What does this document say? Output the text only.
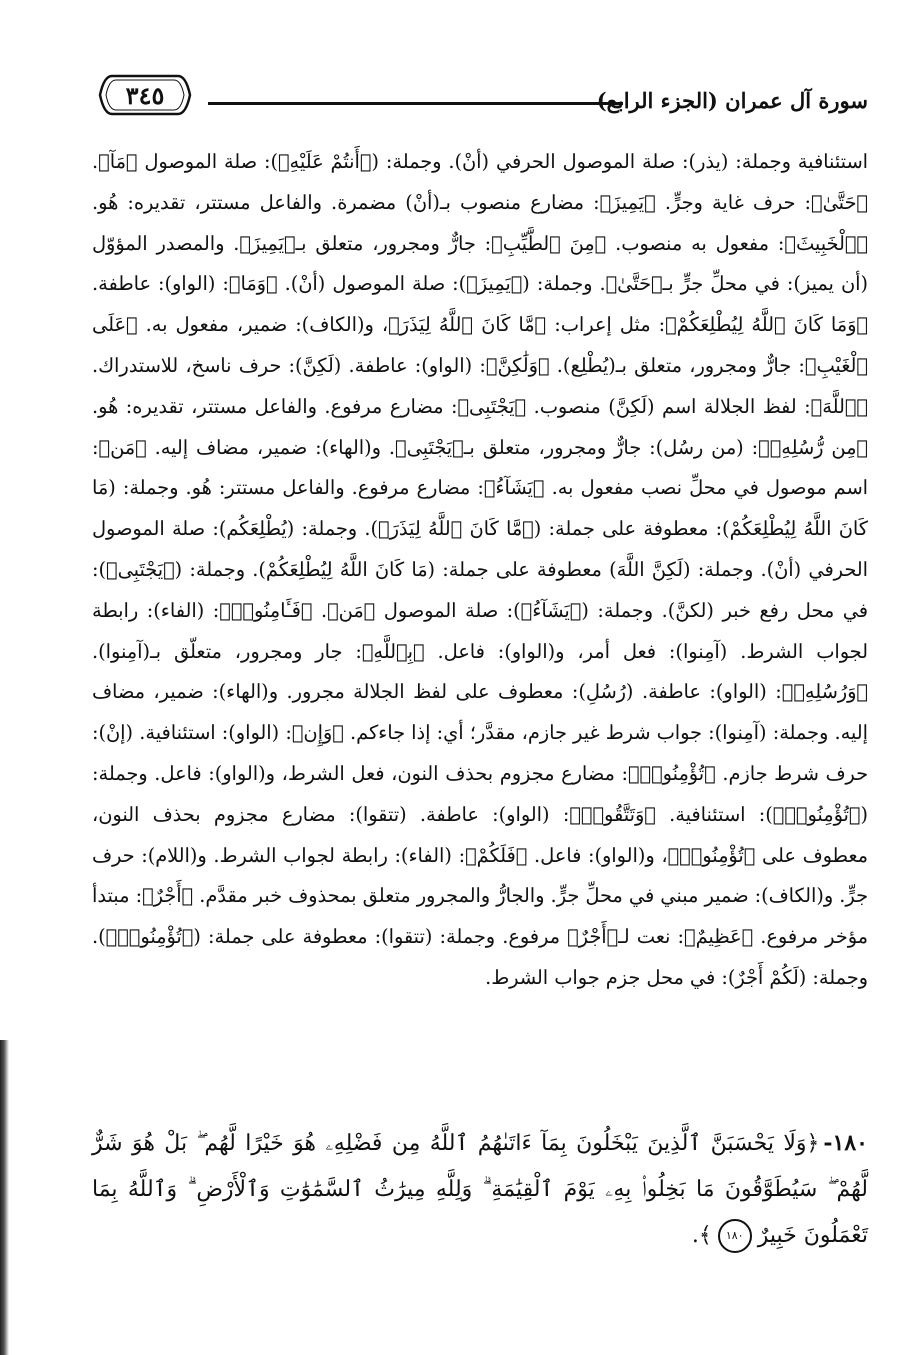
سورة آل عمران (الجزء الرابع)
٣٤٥

استئنافية وجملة: (يذر): صلة الموصول الحرفي (أنْ). وجملة: (﴿أَنتُمْ عَلَيْهِ﴾): صلة الموصول ﴿مَآ﴾. ﴿حَتَّىٰ﴾: حرف غاية وجرٍّ. ﴿يَمِيزَ﴾: مضارع منصوب بـ(أنْ) مضمرة. والفاعل مستتر، تقديره: هُو. ﴿ٱلْخَبِيثَ﴾: مفعول به منصوب. ﴿مِنَ ٱلطَّيِّبِ﴾: جارٌّ ومجرور، متعلق بـ﴿يَمِيزَ﴾. والمصدر المؤوّل (أن يميز): في محلِّ جرٍّ بـ﴿حَتَّىٰ﴾. وجملة: (﴿يَمِيزَ﴾): صلة الموصول (أنْ). ﴿وَمَا﴾: (الواو): عاطفة. ﴿وَمَا كَانَ ٱللَّهُ لِيُطْلِعَكُمْ﴾: مثل إعراب: ﴿مَّا كَانَ ٱللَّهُ لِيَذَرَ﴾، و(الكاف): ضمير، مفعول به. ﴿عَلَى ٱلْغَيْبِ﴾: جارٌّ ومجرور، متعلق بـ(يُطْلِع). ﴿وَلَٰكِنَّ﴾: (الواو): عاطفة. (لَكِنَّ): حرف ناسخ، للاستدراك. ﴿ٱللَّهَ﴾: لفظ الجلالة اسم (لَكِنَّ) منصوب. ﴿يَجْتَبِى﴾: مضارع مرفوع. والفاعل مستتر، تقديره: هُو. ﴿مِن رُّسُلِهِۦ﴾: (من رسُل): جارٌّ ومجرور، متعلق بـ﴿يَجْتَبِى﴾. و(الهاء): ضمير، مضاف إليه. ﴿مَن﴾: اسم موصول في محلِّ نصب مفعول به. ﴿يَشَآءُ﴾: مضارع مرفوع. والفاعل مستتر: هُو. وجملة: (مَا كَانَ اللَّهُ لِيُطْلِعَكُمْ): معطوفة على جملة: (﴿مَّا كَانَ ٱللَّهُ لِيَذَرَ﴾). وجملة: (يُطْلِعَكُم): صلة الموصول الحرفي (أنْ). وجملة: (لَكِنَّ اللَّهَ) معطوفة على جملة: (مَا كَانَ اللَّهُ لِيُطْلِعَكُمْ). وجملة: (﴿يَجْتَبِى﴾): في محل رفع خبر (لكنَّ). وجملة: (﴿يَشَآءُ﴾): صلة الموصول ﴿مَن﴾. ﴿فَـَٔامِنُوا۟﴾: (الفاء): رابطة لجواب الشرط. (آمِنوا): فعل أمر، و(الواو): فاعل. ﴿بِٱللَّهِ﴾: جار ومجرور، متعلّق بـ(آمِنوا). ﴿وَرُسُلِهِۦ﴾: (الواو): عاطفة. (رُسُلِ): معطوف على لفظ الجلالة مجرور. و(الهاء): ضمير، مضاف إليه. وجملة: (آمِنوا): جواب شرط غير جازم، مقدَّر؛ أي: إذا جاءكم. ﴿وَإِن﴾: (الواو): استئنافية. (إنْ): حرف شرط جازم. ﴿تُؤْمِنُوا۟﴾: مضارع مجزوم بحذف النون، فعل الشرط، و(الواو): فاعل. وجملة: (﴿تُؤْمِنُوا۟﴾): استئنافية. ﴿وَتَتَّقُوا۟﴾: (الواو): عاطفة. (تتقوا): مضارع مجزوم بحذف النون، معطوف على ﴿تُؤْمِنُوا۟﴾، و(الواو): فاعل. ﴿فَلَكُمْ﴾: (الفاء): رابطة لجواب الشرط. و(اللام): حرف جرٍّ. و(الكاف): ضمير مبني في محلِّ جرٍّ. والجارُّ والمجرور متعلق بمحذوف خبر مقدَّم. ﴿أَجْرٌ﴾: مبتدأ مؤخر مرفوع. ﴿عَظِيمٌ﴾: نعت لـ﴿أَجْرٌ﴾ مرفوع. وجملة: (تتقوا): معطوفة على جملة: (﴿تُؤْمِنُوا۟﴾). وجملة: (لَكُمْ أَجْرٌ): في محل جزم جواب الشرط.

١٨٠-﴿وَلَا يَحْسَبَنَّ ٱلَّذِينَ يَبْخَلُونَ بِمَآ ءَاتَىٰهُمُ ٱللَّهُ مِن فَضْلِهِۦ هُوَ خَيْرًا لَّهُم ۖ بَلْ هُوَ شَرٌّ لَّهُمْ ۖ سَيُطَوَّقُونَ مَا بَخِلُوا۟ بِهِۦ يَوْمَ ٱلْقِيَٰمَةِ ۗ وَلِلَّهِ مِيرَٰثُ ٱلسَّمَٰوَٰتِ وَٱلْأَرْضِ ۗ وَٱللَّهُ بِمَا تَعْمَلُونَ خَبِيرٌ١٨٠﴾.
